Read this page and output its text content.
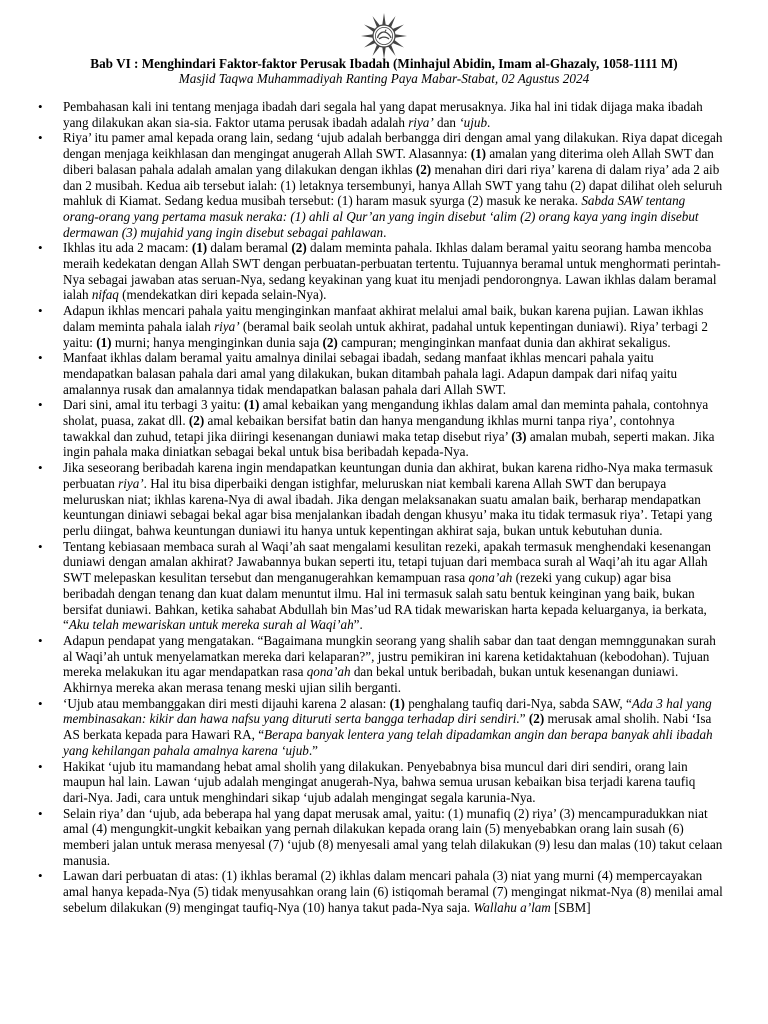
Bab VI : Menghindari Faktor-faktor Perusak Ibadah (Minhajul Abidin, Imam al-Ghazaly, 1058-1111 M)
Masjid Taqwa Muhammadiyah Ranting Paya Mabar-Stabat, 02 Agustus 2024
• Pembahasan kali ini tentang menjaga ibadah dari segala hal yang dapat merusaknya. Jika hal ini tidak dijaga maka ibadah yang dilakukan akan sia-sia. Faktor utama perusak ibadah adalah riya’ dan ‘ujub.
• Riya’ itu pamer amal kepada orang lain, sedang ‘ujub adalah berbangga diri dengan amal yang dilakukan. Riya dapat dicegah dengan menjaga keikhlasan dan mengingat anugerah Allah SWT. Alasannya: (1) amalan yang diterima oleh Allah SWT dan diberi balasan pahala adalah amalan yang dilakukan dengan ikhlas (2) menahan diri dari riya’ karena di dalam riya’ ada 2 aib dan 2 musibah. Kedua aib tersebut ialah: (1) letaknya tersembunyi, hanya Allah SWT yang tahu (2) dapat dilihat oleh seluruh mahluk di Kiamat. Sedang kedua musibah tersebut: (1) haram masuk syurga (2) masuk ke neraka. Sabda SAW tentang orang-orang yang pertama masuk neraka: (1) ahli al Qur’an yang ingin disebut ‘alim (2) orang kaya yang ingin disebut dermawan (3) mujahid yang ingin disebut sebagai pahlawan.
• Ikhlas itu ada 2 macam: (1) dalam beramal (2) dalam meminta pahala. Ikhlas dalam beramal yaitu seorang hamba mencoba meraih kedekatan dengan Allah SWT dengan perbuatan-perbuatan tertentu. Tujuannya beramal untuk menghormati perintah-Nya sebagai jawaban atas seruan-Nya, sedang keyakinan yang kuat itu menjadi pendorongnya. Lawan ikhlas dalam beramal ialah nifaq (mendekatkan diri kepada selain-Nya).
• Adapun ikhlas mencari pahala yaitu menginginkan manfaat akhirat melalui amal baik, bukan karena pujian. Lawan ikhlas dalam meminta pahala ialah riya’ (beramal baik seolah untuk akhirat, padahal untuk kepentingan duniawi). Riya’ terbagi 2 yaitu: (1) murni; hanya menginginkan dunia saja (2) campuran; menginginkan manfaat dunia dan akhirat sekaligus.
• Manfaat ikhlas dalam beramal yaitu amalnya dinilai sebagai ibadah, sedang manfaat ikhlas mencari pahala yaitu mendapatkan balasan pahala dari amal yang dilakukan, bukan ditambah pahala lagi. Adapun dampak dari nifaq yaitu amalannya rusak dan amalannya tidak mendapatkan balasan pahala dari Allah SWT.
• Dari sini, amal itu terbagi 3 yaitu: (1) amal kebaikan yang mengandung ikhlas dalam amal dan meminta pahala, contohnya sholat, puasa, zakat dll. (2) amal kebaikan bersifat batin dan hanya mengandung ikhlas murni tanpa riya’, contohnya tawakkal dan zuhud, tetapi jika diiringi kesenangan duniawi maka tetap disebut riya’ (3) amalan mubah, seperti makan. Jika ingin pahala maka diniatkan sebagai bekal untuk bisa beribadah kepada-Nya.
• Jika seseorang beribadah karena ingin mendapatkan keuntungan dunia dan akhirat, bukan karena ridho-Nya maka termasuk perbuatan riya’. Hal itu bisa diperbaiki dengan istighfar, meluruskan niat kembali karena Allah SWT dan berupaya meluruskan niat; ikhlas karena-Nya di awal ibadah. Jika dengan melaksanakan suatu amalan baik, berharap mendapatkan keuntungan diniawi sebagai bekal agar bisa menjalankan ibadah dengan khusyu’ maka itu tidak termasuk riya’. Tetapi yang perlu diingat, bahwa keuntungan duniawi itu hanya untuk kepentingan akhirat saja, bukan untuk kebutuhan dunia.
• Tentang kebiasaan membaca surah al Waqi’ah saat mengalami kesulitan rezeki, apakah termasuk menghendaki kesenangan duniawi dengan amalan akhirat? Jawabannya bukan seperti itu, tetapi tujuan dari membaca surah al Waqi’ah itu agar Allah SWT melepaskan kesulitan tersebut dan menganugerahkan kemampuan rasa qona’ah (rezeki yang cukup) agar bisa beribadah dengan tenang dan kuat dalam menuntut ilmu. Hal ini termasuk salah satu bentuk keinginan yang baik, bukan bersifat duniawi. Bahkan, ketika sahabat Abdullah bin Mas’ud RA tidak mewariskan harta kepada keluarganya, ia berkata, “Aku telah mewariskan untuk mereka surah al Waqi’ah”.
• Adapun pendapat yang mengatakan. “Bagaimana mungkin seorang yang shalih sabar dan taat dengan memnggunakan surah al Waqi’ah untuk menyelamatkan mereka dari kelaparan?”, justru pemikiran ini karena ketidaktahuan (kebodohan). Tujuan mereka melakukan itu agar mendapatkan rasa qona’ah dan bekal untuk beribadah, bukan untuk kesenangan duniawi. Akhirnya mereka akan merasa tenang meski ujian silih berganti.
• ‘Ujub atau membanggakan diri mesti dijauhi karena 2 alasan: (1) penghalang taufiq dari-Nya, sabda SAW, “Ada 3 hal yang membinasakan: kikir dan hawa nafsu yang dituruti serta bangga terhadap diri sendiri.” (2) merusak amal sholih. Nabi ‘Isa AS berkata kepada para Hawari RA, “Berapa banyak lentera yang telah dipadamkan angin dan berapa banyak ahli ibadah yang kehilangan pahala amalnya karena ‘ujub.”
• Hakikat ‘ujub itu mamandang hebat amal sholih yang dilakukan. Penyebabnya bisa muncul dari diri sendiri, orang lain maupun hal lain. Lawan ‘ujub adalah mengingat anugerah-Nya, bahwa semua urusan kebaikan bisa terjadi karena taufiq dari-Nya. Jadi, cara untuk menghindari sikap ‘ujub adalah mengingat segala karunia-Nya.
• Selain riya’ dan ‘ujub, ada beberapa hal yang dapat merusak amal, yaitu: (1) munafiq (2) riya’ (3) mencampuradukkan niat amal (4) mengungkit-ungkit kebaikan yang pernah dilakukan kepada orang lain (5) menyebabkan orang lain susah (6) memberi jalan untuk merasa menyesal (7) ‘ujub (8) menyesali amal yang telah dilakukan (9) lesu dan malas (10) takut celaan manusia.
• Lawan dari perbuatan di atas: (1) ikhlas beramal (2) ikhlas dalam mencari pahala (3) niat yang murni (4) mempercayakan amal hanya kepada-Nya (5) tidak menyusahkan orang lain (6) istiqomah beramal (7) mengingat nikmat-Nya (8) menilai amal sebelum dilakukan (9) mengingat taufiq-Nya (10) hanya takut pada-Nya saja. Wallahu a’lam [SBM]
